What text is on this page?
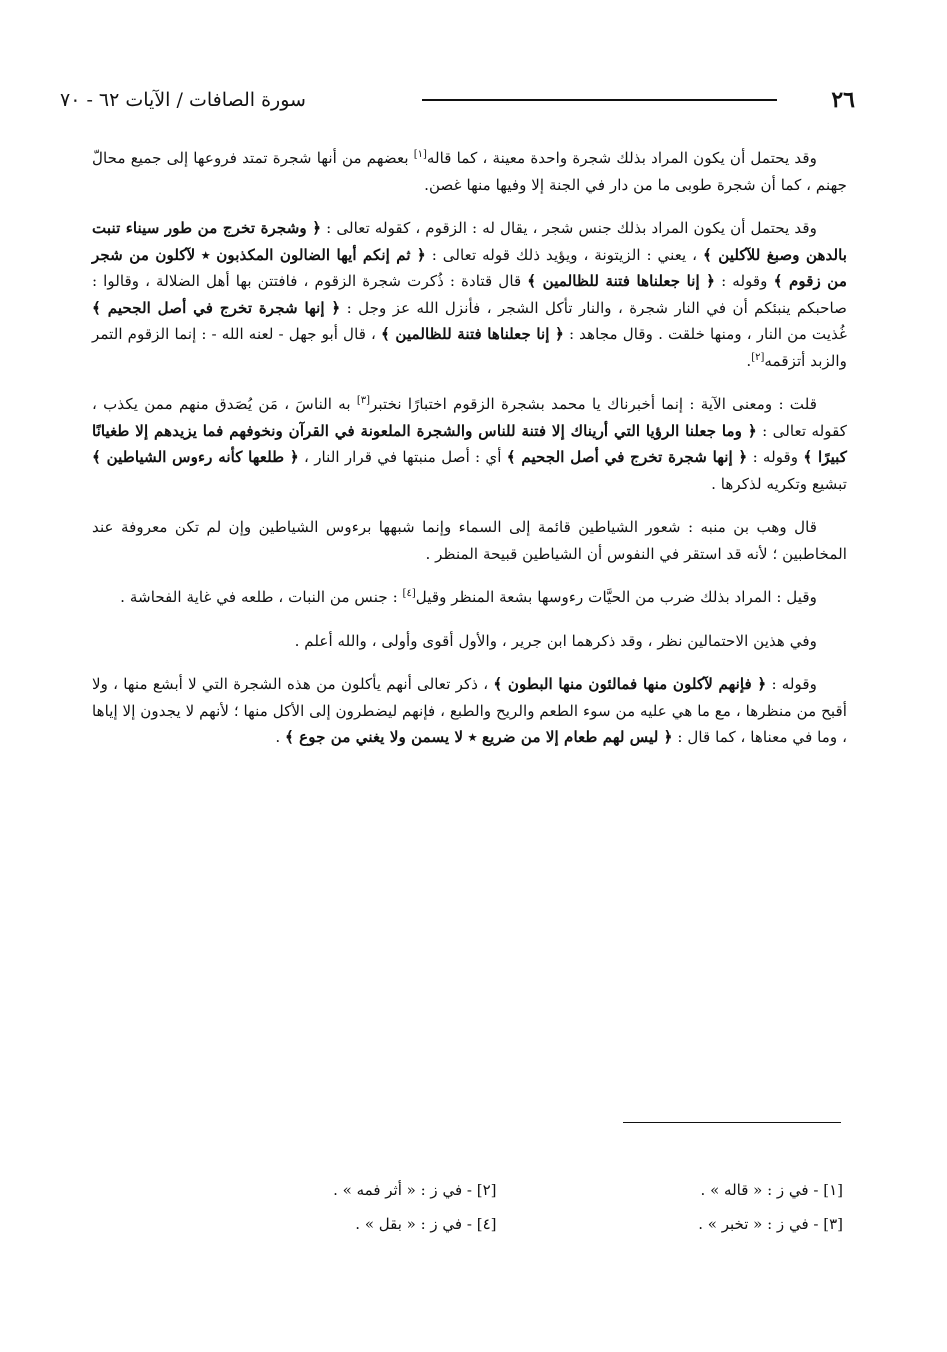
٢٦
سورة الصافات / الآيات ٦٢ - ٧٠

وقد يحتمل أن يكون المراد بذلك شجرة واحدة معينة ، كما قاله[١] بعضهم من أنها شجرة تمتد فروعها إلى جميع محالّ جهنم ، كما أن شجرة طوبى ما من دار في الجنة إلا وفيها منها غصن.

وقد يحتمل أن يكون المراد بذلك جنس شجر ، يقال له : الزقوم ، كقوله تعالى : ﴿ وشجرة تخرج من طور سيناء تنبت بالدهن وصبغ للآكلين ﴾ ، يعني : الزيتونة ، ويؤيد ذلك قوله تعالى : ﴿ ثم إنكم أيها الضالون المكذبون ٭ لآكلون من شجر من زقوم ﴾ وقوله : ﴿ إنا جعلناها فتنة للظالمين ﴾ قال قتادة : ذُكرت شجرة الزقوم ، فافتتن بها أهل الضلالة ، وقالوا : صاحبكم ينبئكم أن في النار شجرة ، والنار تأكل الشجر ، فأنزل الله عز وجل : ﴿ إنها شجرة تخرج في أصل الجحيم ﴾ غُذيت من النار ، ومنها خلقت . وقال مجاهد : ﴿ إنا جعلناها فتنة للظالمين ﴾ ، قال أبو جهل - لعنه الله - : إنما الزقوم التمر والزبد أتزقمه[٢].

قلت : ومعنى الآية : إنما أخبرناك يا محمد بشجرة الزقوم اختبارًا نختبر[٣] به الناسَ ، مَن يُصَدق منهم ممن يكذب ، كقوله تعالى : ﴿ وما جعلنا الرؤيا التي أريناك إلا فتنة للناس والشجرة الملعونة في القرآن ونخوفهم فما يزيدهم إلا طغيانًا كبيرًا ﴾ وقوله : ﴿ إنها شجرة تخرج في أصل الجحيم ﴾ أي : أصل منبتها في قرار النار ، ﴿ طلعها كأنه رءوس الشياطين ﴾ تبشيع وتكريه لذكرها .

قال وهب بن منبه : شعور الشياطين قائمة إلى السماء وإنما شبهها برءوس الشياطين وإن لم تكن معروفة عند المخاطبين ؛ لأنه قد استقر في النفوس أن الشياطين قبيحة المنظر .

وقيل : المراد بذلك ضرب من الحيَّات رءوسها بشعة المنظر وقيل[٤] : جنس من النبات ، طلعه في غاية الفحاشة .

وفي هذين الاحتمالين نظر ، وقد ذكرهما ابن جرير ، والأول أقوى وأولى ، والله أعلم .

وقوله : ﴿ فإنهم لآكلون منها فمالئون منها البطون ﴾ ، ذكر تعالى أنهم يأكلون من هذه الشجرة التي لا أبشع منها ، ولا أقبح من منظرها ، مع ما هي عليه من سوء الطعم والريح والطبع ، فإنهم ليضطرون إلى الأكل منها ؛ لأنهم لا يجدون إلا إياها ، وما في معناها ، كما قال : ﴿ ليس لهم طعام إلا من ضريع ٭ لا يسمن ولا يغني من جوع ﴾ .

[١] - في ز : « قاله » .
[٢] - في ز : « أثر فمه » .
[٣] - في ز : « تخبر » .
[٤] - في ز : « بقل » .
